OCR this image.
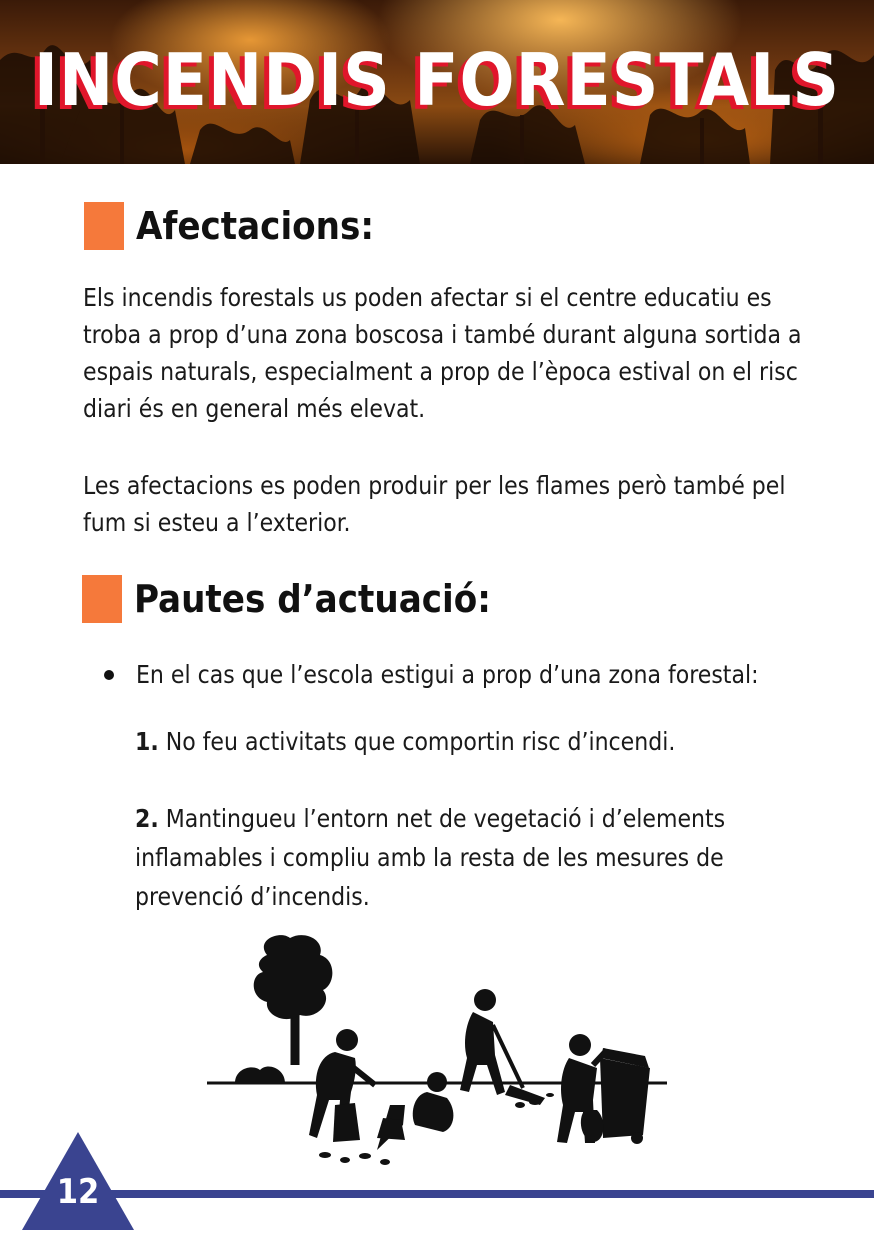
INCENDIS FORESTALS
Afectacions:

Els incendis forestals us poden afectar si el centre educatiu es troba a prop d’una zona boscosa i també durant alguna sortida a espais naturals, especialment a prop de l’època estival on el risc diari és en general més elevat.

Les afectacions es poden produir per les flames però també pel fum si esteu a l’exterior.

Pautes d’actuació:
En el cas que l’escola estigui a prop d’una zona forestal:

1. No feu activitats que comportin risc d’incendi.

2. Mantingueu l’entorn net de vegetació i d’elements inflamables i compliu amb la resta de les mesures de prevenció d’incendis.

12
